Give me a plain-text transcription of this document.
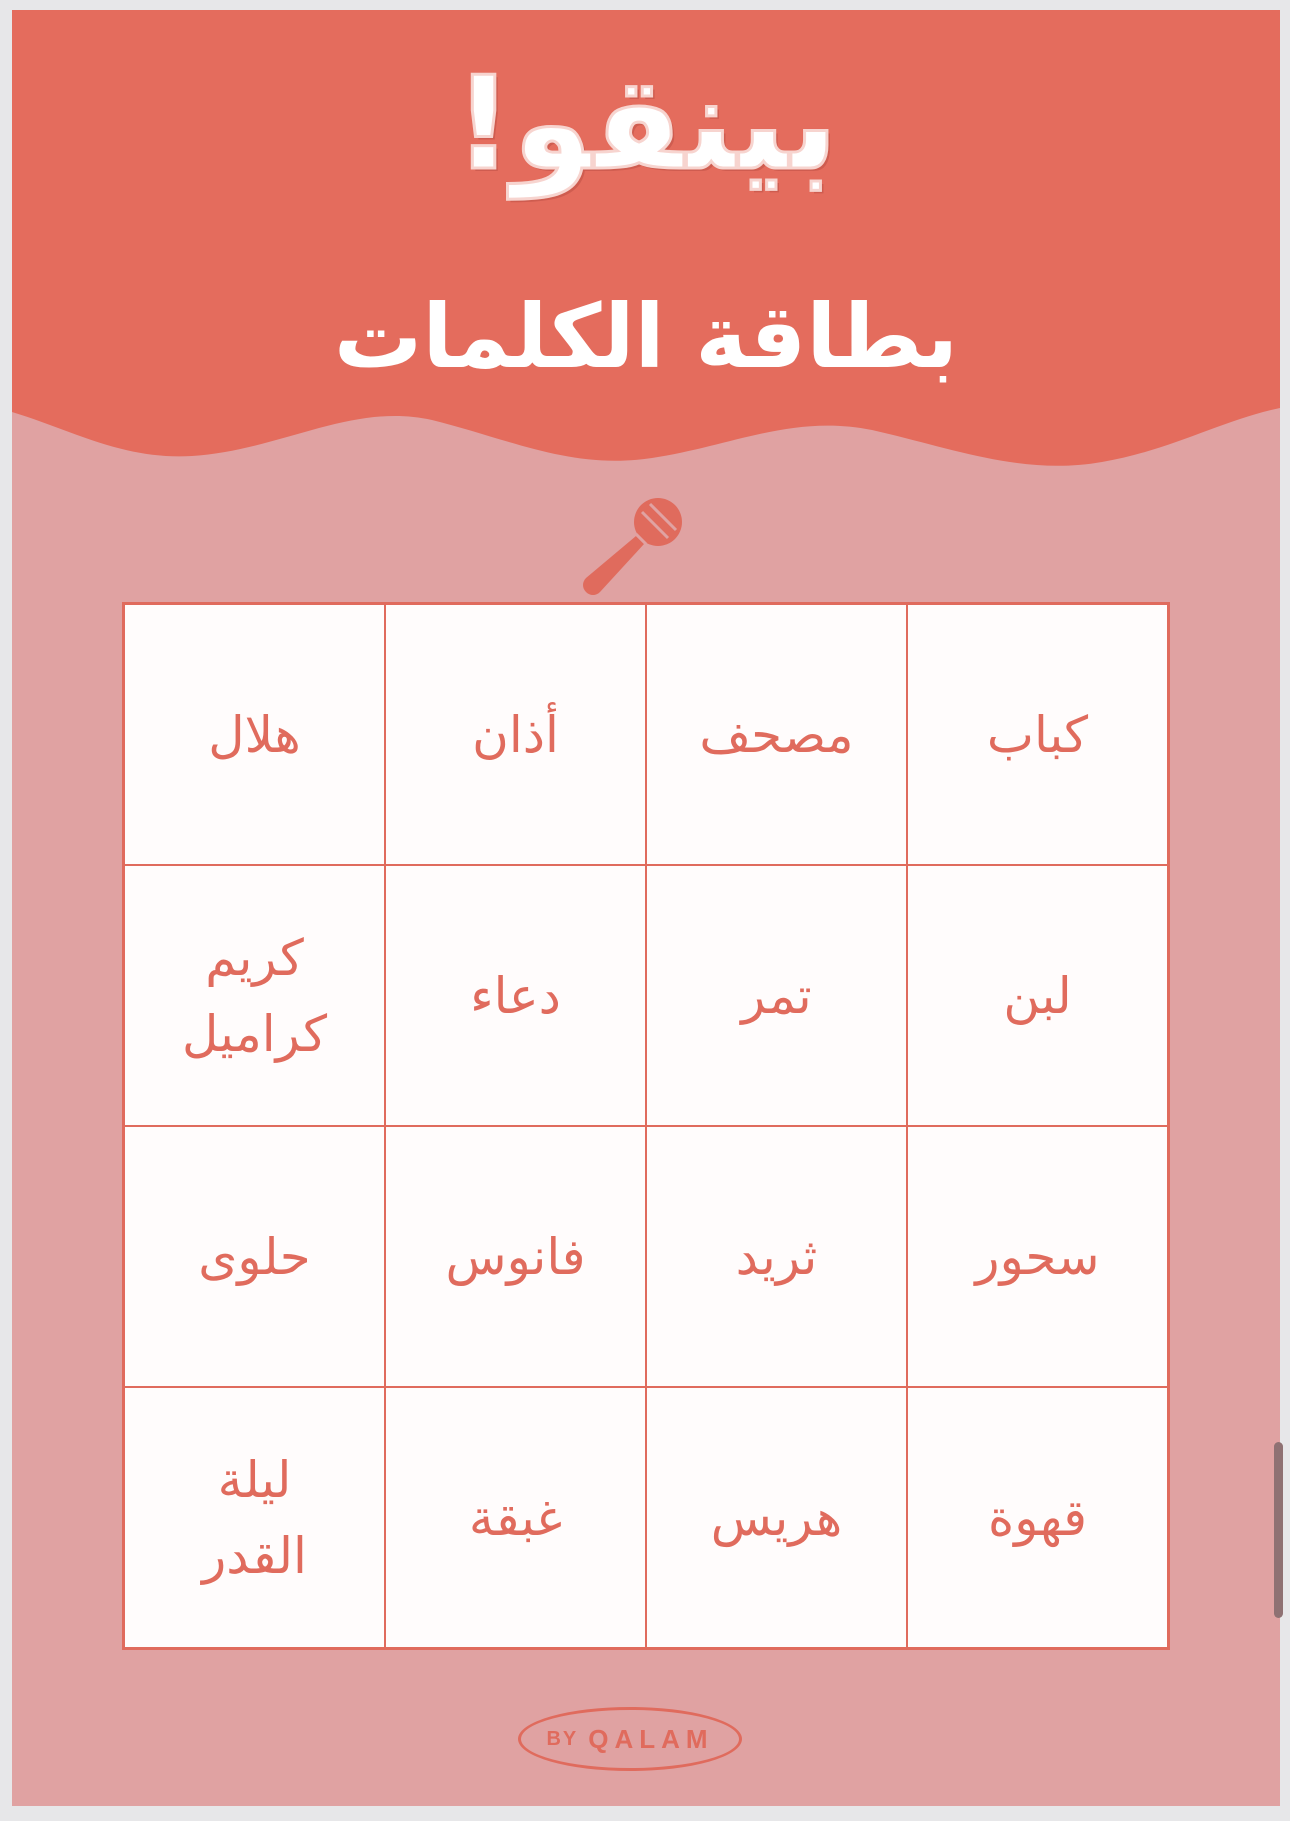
بينقو!
بطاقة الكلمات
كباب
مصحف
أذان
هلال
لبن
تمر
دعاء
كريم
كراميل
سحور
ثريد
فانوس
حلوى
قهوة
هريس
غبقة
ليلة
القدر
BY QALAM
